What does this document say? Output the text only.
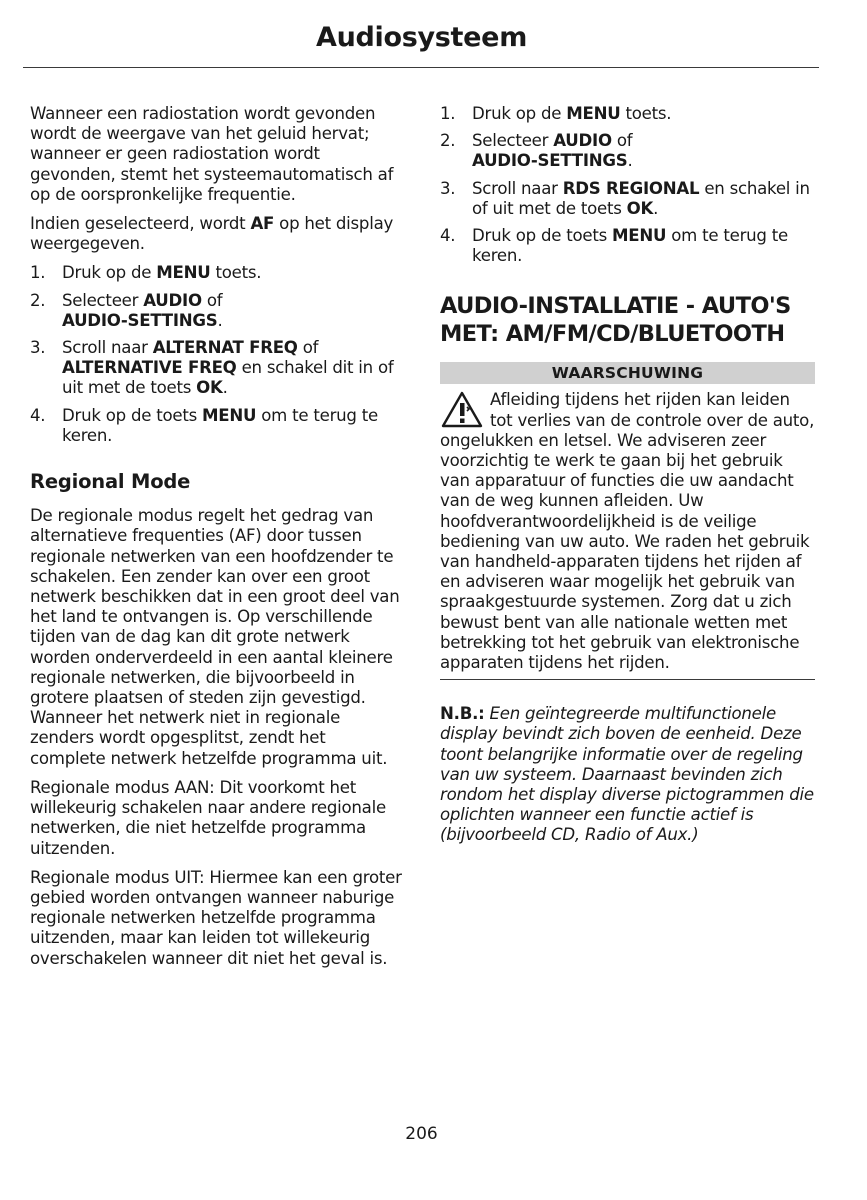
Audiosysteem

Wanneer een radiostation wordt gevonden wordt de weergave van het geluid hervat; wanneer er geen radiostation wordt gevonden, stemt het systeemautomatisch af op de oorspronkelijke frequentie.

Indien geselecteerd, wordt AF op het display weergegeven.

1.	Druk op de MENU toets.
2.	Selecteer AUDIO of
AUDIO-SETTINGS.
3.	Scroll naar ALTERNAT FREQ of ALTERNATIVE FREQ en schakel dit in of uit met de toets OK.
4.	Druk op de toets MENU om te terug te keren.
Regional Mode

De regionale modus regelt het gedrag van alternatieve frequenties (AF) door tussen regionale netwerken van een hoofdzender te schakelen. Een zender kan over een groot netwerk beschikken dat in een groot deel van het land te ontvangen is. Op verschillende tijden van de dag kan dit grote netwerk worden onderverdeeld in een aantal kleinere regionale netwerken, die bijvoorbeeld in grotere plaatsen of steden zijn gevestigd. Wanneer het netwerk niet in regionale zenders wordt opgesplitst, zendt het complete netwerk hetzelfde programma uit.

Regionale modus AAN: Dit voorkomt het willekeurig schakelen naar andere regionale netwerken, die niet hetzelfde programma uitzenden.

Regionale modus UIT: Hiermee kan een groter gebied worden ontvangen wanneer naburige regionale netwerken hetzelfde programma uitzenden, maar kan leiden tot willekeurig overschakelen wanneer dit niet het geval is.

1.	Druk op de MENU toets.
2.	Selecteer AUDIO of
AUDIO-SETTINGS.
3.	Scroll naar RDS REGIONAL en schakel in of uit met de toets OK.
4.	Druk op de toets MENU om te terug te keren.
AUDIO-INSTALLATIE - AUTO'S MET: AM/FM/CD/BLUETOOTH
WAARSCHUWING
Afleiding tijdens het rijden kan leiden tot verlies van de controle over de auto, ongelukken en letsel. We adviseren zeer voorzichtig te werk te gaan bij het gebruik van apparatuur of functies die uw aandacht van de weg kunnen afleiden. Uw hoofdverantwoordelijkheid is de veilige bediening van uw auto. We raden het gebruik van handheld-apparaten tijdens het rijden af en adviseren waar mogelijk het gebruik van spraakgestuurde systemen. Zorg dat u zich bewust bent van alle nationale wetten met betrekking tot het gebruik van elektronische apparaten tijdens het rijden.

N.B.: Een geïntegreerde multifunctionele display bevindt zich boven de eenheid. Deze toont belangrijke informatie over de regeling van uw systeem. Daarnaast bevinden zich rondom het display diverse pictogrammen die oplichten wanneer een functie actief is (bijvoorbeeld CD, Radio of Aux.)

206
